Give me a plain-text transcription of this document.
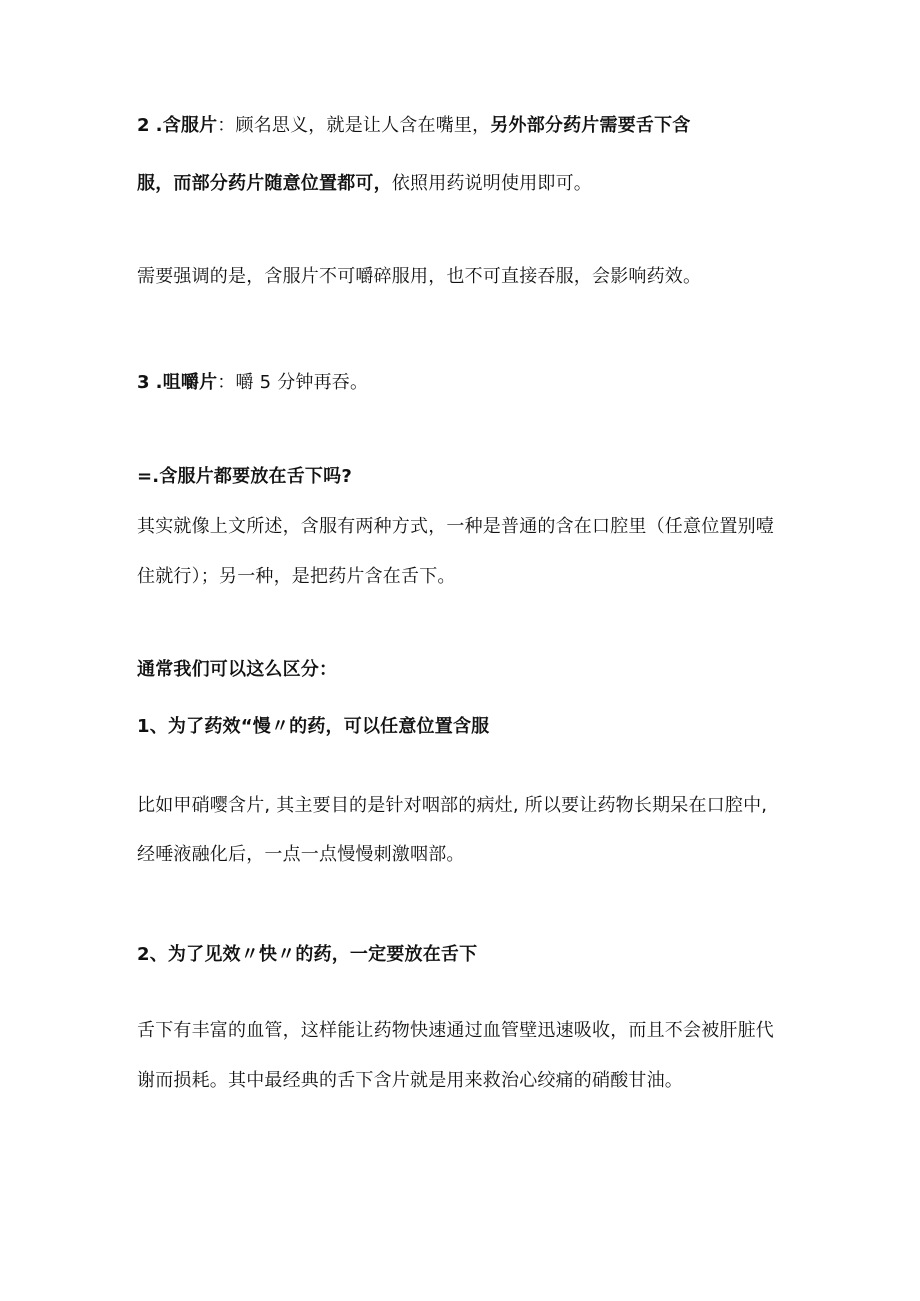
2 .含服片：顾名思义，就是让人含在嘴里，另外部分药片需要舌下含
服，而部分药片随意位置都可，依照用药说明使用即可。
需要强调的是，含服片不可嚼碎服用，也不可直接吞服，会影响药效。
3 .咀嚼片：嚼 5 分钟再吞。
=.含服片都要放在舌下吗?
其实就像上文所述，含服有两种方式，一种是普通的含在口腔里（任意位置别噎
住就行）；另一种，是把药片含在舌下。
通常我们可以这么区分：
1、为了药效“慢〃的药，可以任意位置含服
比如甲硝嘤含片, 其主要目的是针对咽部的病灶, 所以要让药物长期呆在口腔中,
经唾液融化后，一点一点慢慢刺激咽部。
2、为了见效〃快〃的药，一定要放在舌下
舌下有丰富的血管，这样能让药物快速通过血管壁迅速吸收，而且不会被肝脏代
谢而损耗。其中最经典的舌下含片就是用来救治心绞痛的硝酸甘油。
